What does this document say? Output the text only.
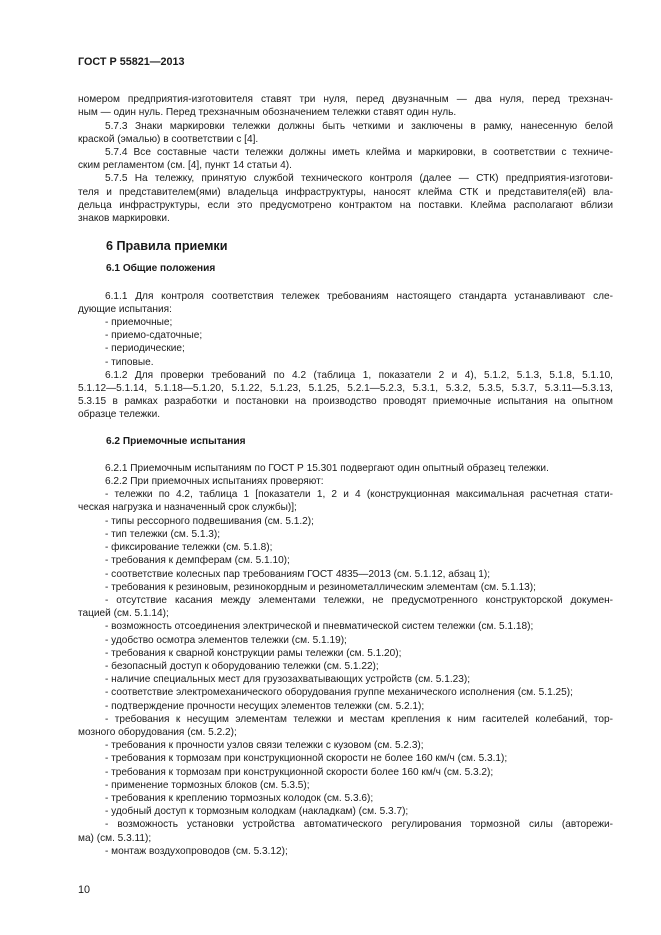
ГОСТ Р 55821—2013
номером предприятия-изготовителя ставят три нуля, перед двузначным — два нуля, перед трехзнач-
ным — один нуль. Перед трехзначным обозначением тележки ставят один нуль.
5.7.3 Знаки маркировки тележки должны быть четкими и заключены в рамку, нанесенную белой
краской (эмалью) в соответствии с [4].
5.7.4 Все составные части тележки должны иметь клейма и маркировки, в соответствии с техниче-
ским регламентом (см. [4], пункт 14 статьи 4).
5.7.5 На тележку, принятую службой технического контроля (далее — СТК) предприятия-изготови-
теля и представителем(ями) владельца инфраструктуры, наносят клейма СТК и представителя(ей) вла-
дельца инфраструктуры, если это предусмотрено контрактом на поставки. Клейма располагают вблизи
знаков маркировки.
6 Правила приемки
6.1 Общие положения
6.1.1 Для контроля соответствия тележек требованиям настоящего стандарта устанавливают сле-
дующие испытания:
- приемочные;
- приемо-сдаточные;
- периодические;
- типовые.
6.1.2 Для проверки требований по 4.2 (таблица 1, показатели 2 и 4), 5.1.2, 5.1.3, 5.1.8, 5.1.10,
5.1.12—5.1.14, 5.1.18—5.1.20, 5.1.22, 5.1.23, 5.1.25, 5.2.1—5.2.3, 5.3.1, 5.3.2, 5.3.5, 5.3.7, 5.3.11—5.3.13,
5.3.15 в рамках разработки и постановки на производство проводят приемочные испытания на опытном
образце тележки.
6.2 Приемочные испытания
6.2.1 Приемочным испытаниям по ГОСТ Р 15.301 подвергают один опытный образец тележки.
6.2.2 При приемочных испытаниях проверяют:
- тележки по 4.2, таблица 1 [показатели 1, 2 и 4 (конструкционная максимальная расчетная стати-
ческая нагрузка и назначенный срок службы)];
- типы рессорного подвешивания (см. 5.1.2);
- тип тележки (см. 5.1.3);
- фиксирование тележки (см. 5.1.8);
- требования к демпферам (см. 5.1.10);
- соответствие колесных пар требованиям ГОСТ 4835—2013 (см. 5.1.12, абзац 1);
- требования к резиновым, резинокордным и резинометаллическим элементам (см. 5.1.13);
- отсутствие касания между элементами тележки, не предусмотренного конструкторской докумен-
тацией (см. 5.1.14);
- возможность отсоединения электрической и пневматической систем тележки (см. 5.1.18);
- удобство осмотра элементов тележки (см. 5.1.19);
- требования к сварной конструкции рамы тележки (см. 5.1.20);
- безопасный доступ к оборудованию тележки (см. 5.1.22);
- наличие специальных мест для грузозахватывающих устройств (см. 5.1.23);
- соответствие электромеханического оборудования группе механического исполнения (см. 5.1.25);
- подтверждение прочности несущих элементов тележки (см. 5.2.1);
- требования к несущим элементам тележки и местам крепления к ним гасителей колебаний, тор-
мозного оборудования (см. 5.2.2);
- требования к прочности узлов связи тележки с кузовом (см. 5.2.3);
- требования к тормозам при конструкционной скорости не более 160 км/ч (см. 5.3.1);
- требования к тормозам при конструкционной скорости более 160 км/ч (см. 5.3.2);
- применение тормозных блоков (см. 5.3.5);
- требования к креплению тормозных колодок (см. 5.3.6);
- удобный доступ к тормозным колодкам (накладкам) (см. 5.3.7);
- возможность установки устройства автоматического регулирования тормозной силы (авторежи-
ма) (см. 5.3.11);
- монтаж воздухопроводов (см. 5.3.12);
10
